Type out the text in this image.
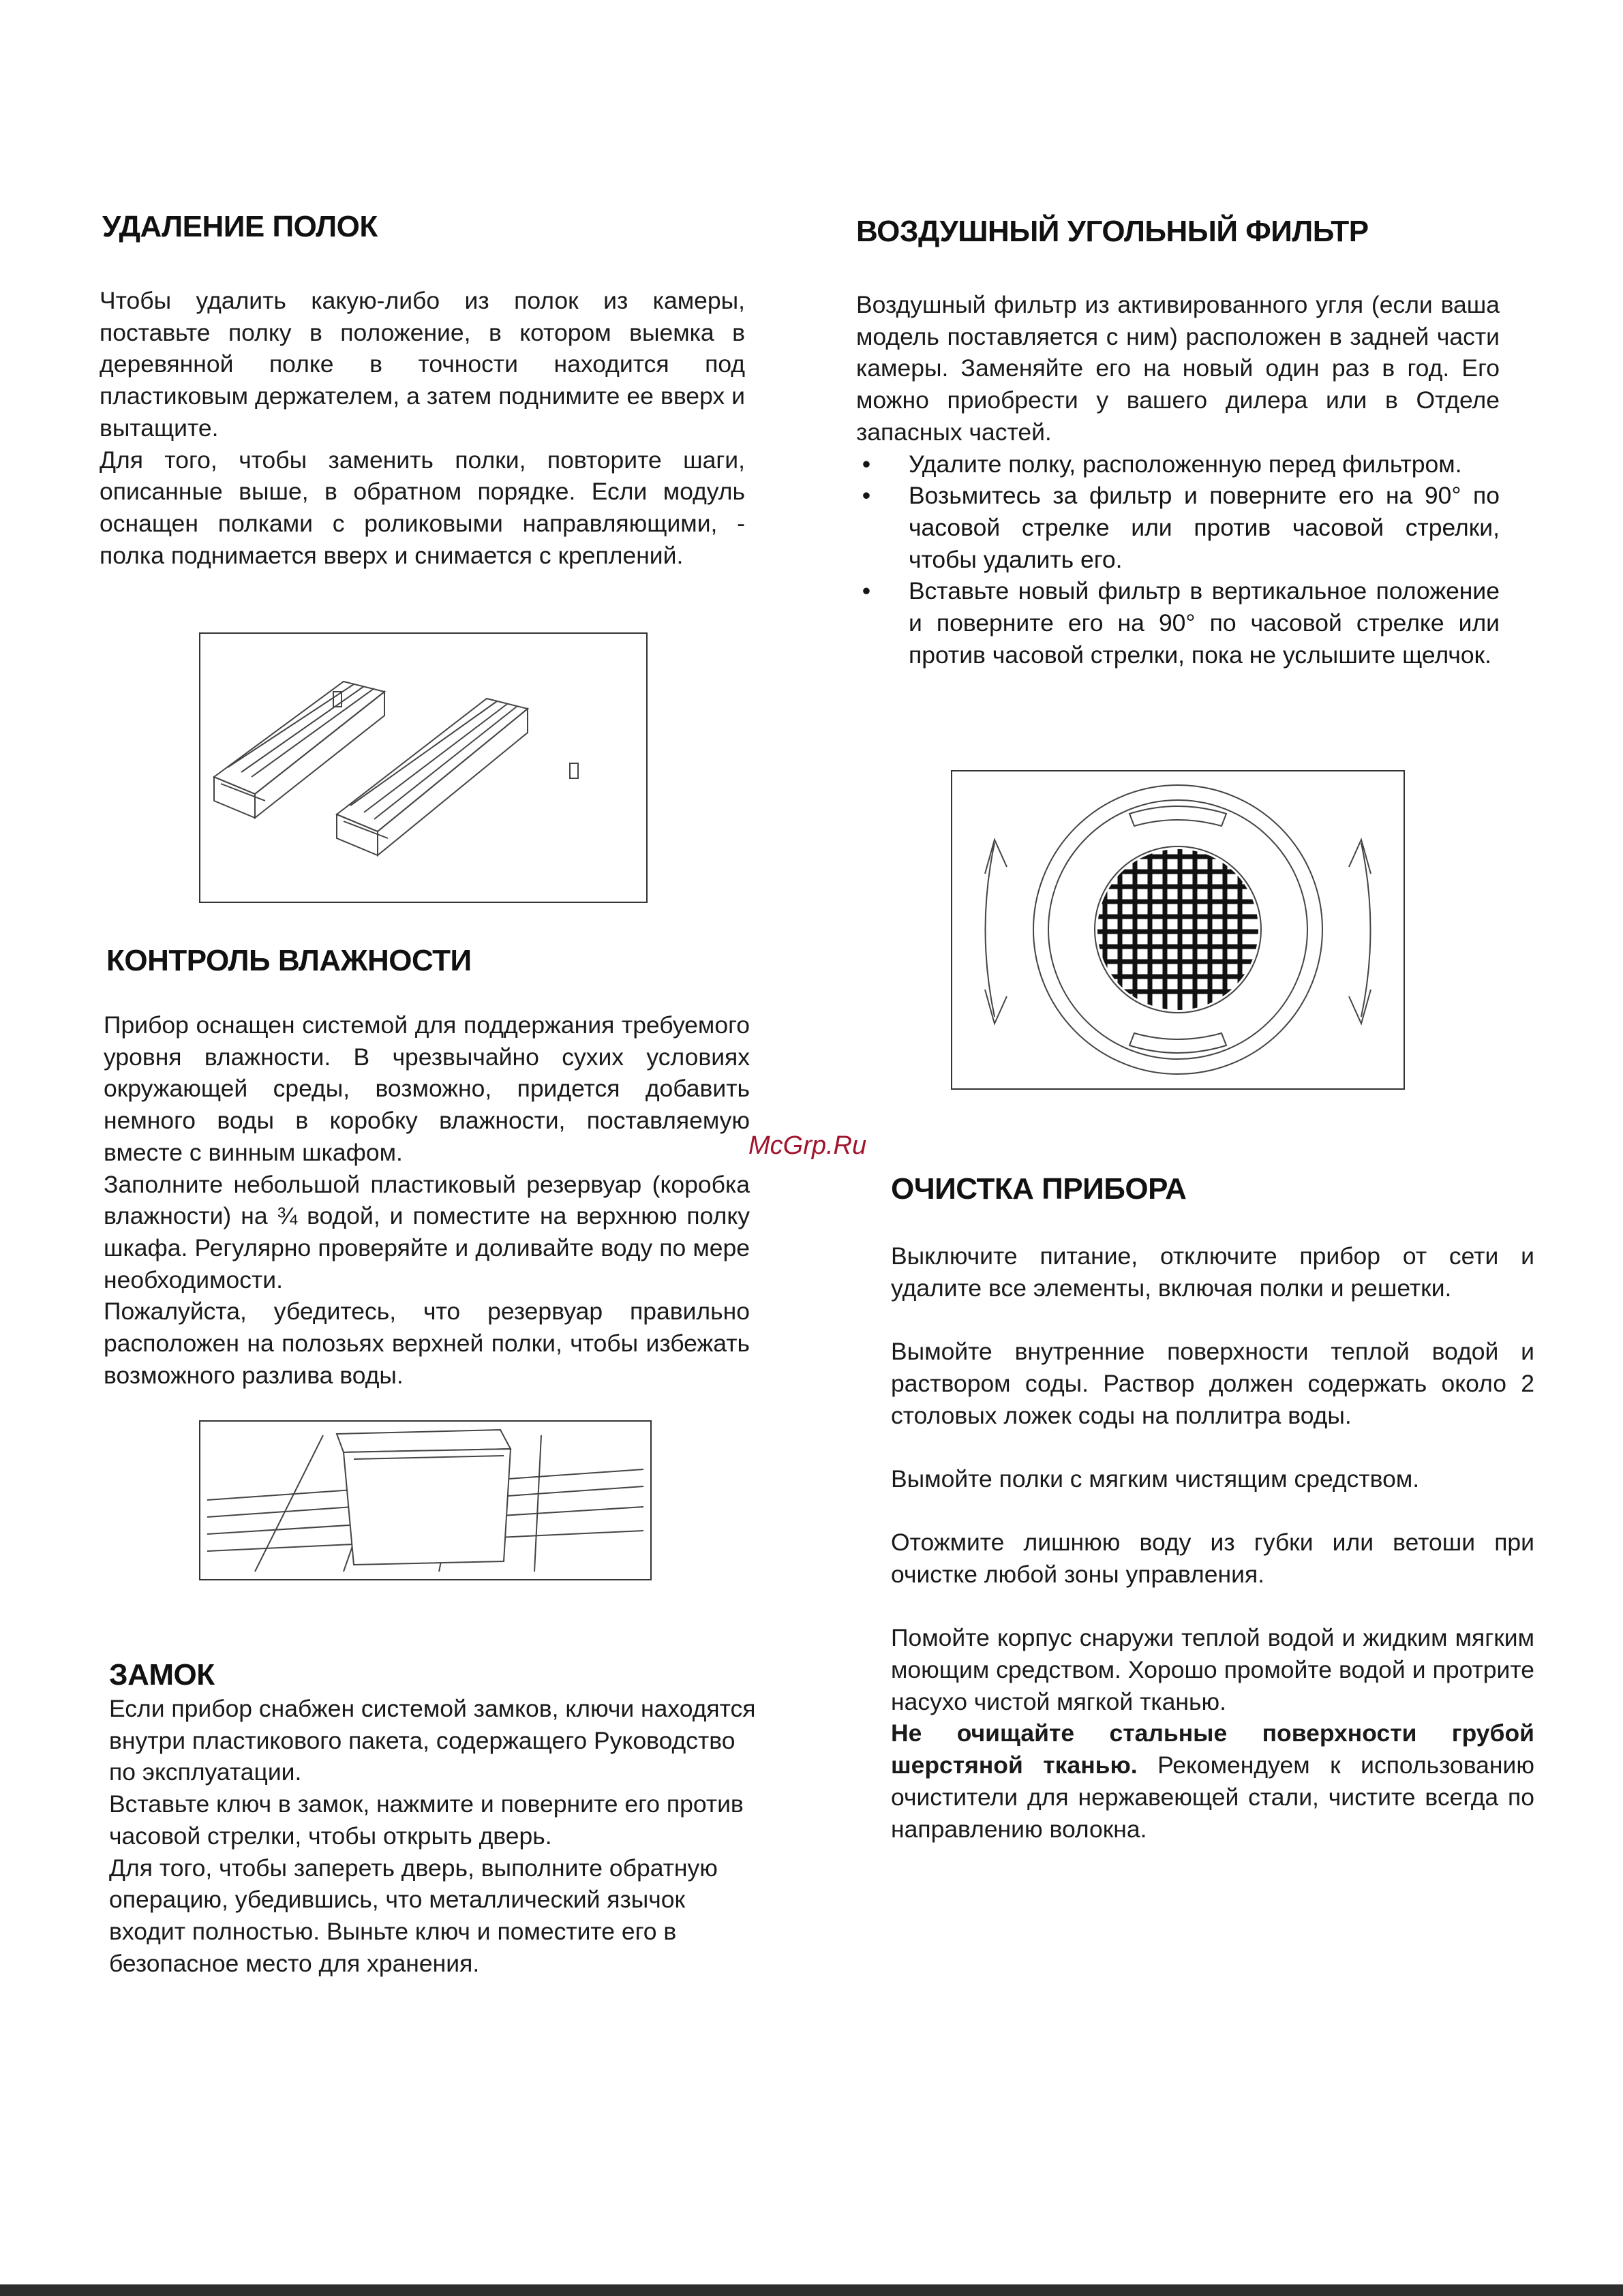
УДАЛЕНИЕ ПОЛОК

Чтобы удалить какую-либо из полок из камеры, поставьте полку в положение, в котором выемка в деревянной полке в точности находится под пластиковым держателем, а затем поднимите ее вверх и вытащите.

Для того, чтобы заменить полки, повторите шаги, описанные выше, в обратном порядке. Если модуль оснащен полками с роликовыми направляющими, - полка поднимается вверх и снимается с креплений.

КОНТРОЛЬ ВЛАЖНОСТИ

Прибор оснащен системой для поддержания требуемого уровня влажности. В чрезвычайно сухих условиях окружающей среды, возможно, придется добавить немного воды в коробку влажности, поставляемую вместе с винным шкафом.

Заполните небольшой пластиковый резервуар (коробка влажности) на ¾ водой, и поместите на верхнюю полку шкафа. Регулярно проверяйте и доливайте воду по мере необходимости.

Пожалуйста, убедитесь, что резервуар правильно расположен на полозьях верхней полки, чтобы избежать возможного разлива воды.

ЗАМОК

Если прибор снабжен системой замков, ключи находятся внутри пластикового пакета, содержащего Руководство по эксплуатации.

Вставьте ключ в замок, нажмите и поверните его против часовой стрелки, чтобы открыть дверь.

Для того, чтобы запереть дверь, выполните обратную операцию, убедившись, что металлический язычок входит полностью. Выньте ключ и поместите его в безопасное место для хранения.

ВОЗДУШНЫЙ УГОЛЬНЫЙ ФИЛЬТР

Воздушный фильтр из активированного угля (если ваша модель поставляется с ним) расположен в задней части камеры. Заменяйте его на новый один раз в год. Его можно приобрести у вашего дилера или в Отделе запасных частей.

• Удалите полку, расположенную перед фильтром.
• Возьмитесь за фильтр и поверните его на 90° по часовой стрелке или против часовой стрелки, чтобы удалить его.
• Вставьте новый фильтр в вертикальное положение и поверните его на 90° по часовой стрелке или против часовой стрелки, пока не услышите щелчок.
McGrp.Ru
ОЧИСТКА ПРИБОРА

Выключите питание, отключите прибор от сети и удалите все элементы, включая полки и решетки.

Вымойте внутренние поверхности теплой водой и раствором соды. Раствор должен содержать около 2 столовых ложек соды на поллитра воды.

Вымойте полки с мягким чистящим средством.

Отожмите лишнюю воду из губки или ветоши при очистке любой зоны управления.

Помойте корпус снаружи теплой водой и жидким мягким моющим средством. Хорошо промойте водой и протрите насухо чистой мягкой тканью.

Не очищайте стальные поверхности грубой шерстяной тканью. Рекомендуем к использованию очистители для нержавеющей стали, чистите всегда по направлению волокна.
